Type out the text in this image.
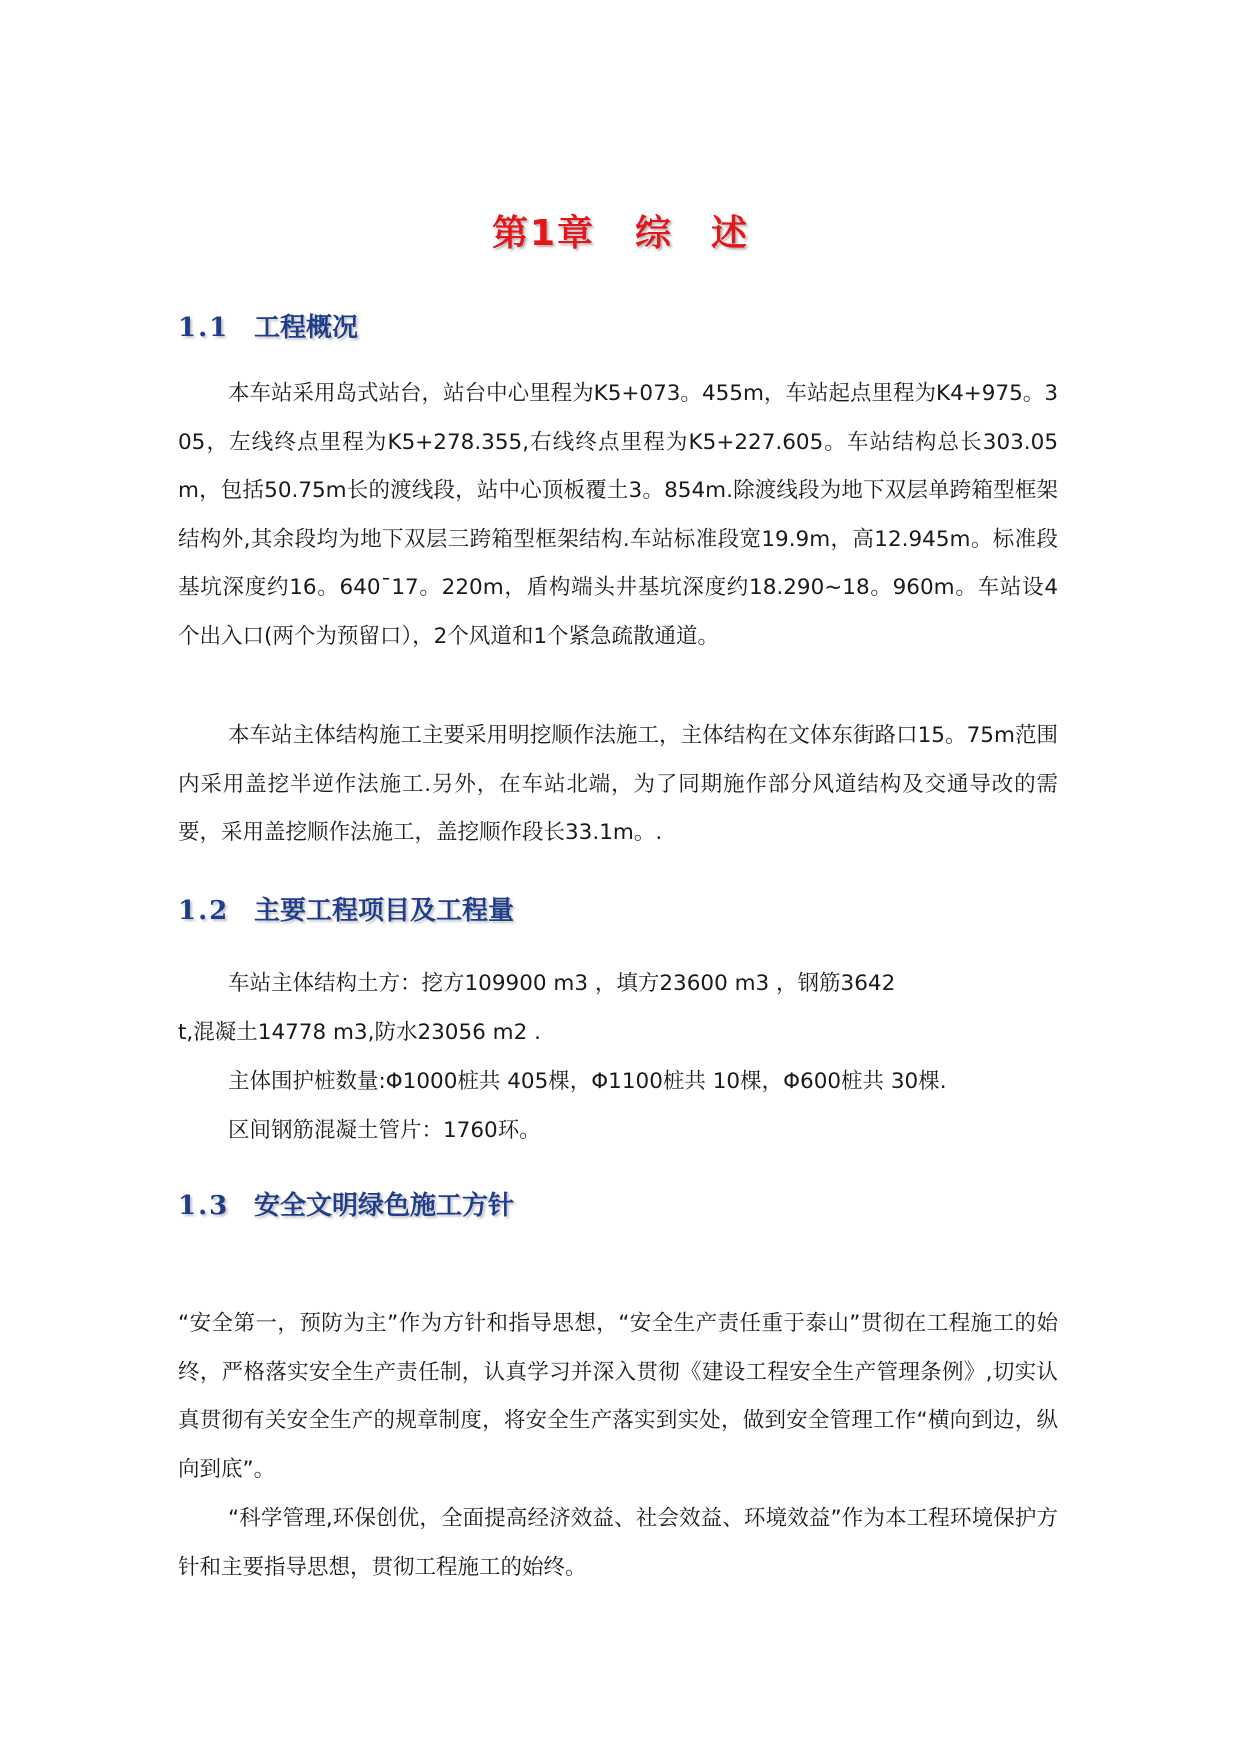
第1章 综　述
1.1 工程概况

本车站采用岛式站台，站台中心里程为K5+073。455m，车站起点里程为K4+975。305，左线终点里程为K5+278.355,右线终点里程为K5+227.605。车站结构总长303.05m，包括50.75m长的渡线段，站中心顶板覆土3。854m.除渡线段为地下双层单跨箱型框架结构外,其余段均为地下双层三跨箱型框架结构.车站标准段宽19.9m，高12.945m。标准段基坑深度约16。640¯17。220m，盾构端头井基坑深度约18.290~18。960m。车站设4个出入口(两个为预留口），2个风道和1个紧急疏散通道。

本车站主体结构施工主要采用明挖顺作法施工，主体结构在文体东街路口15。75m范围内采用盖挖半逆作法施工.另外，在车站北端，为了同期施作部分风道结构及交通导改的需要，采用盖挖顺作法施工，盖挖顺作段长33.1m。.

1.2 主要工程项目及工程量
车站主体结构土方：挖方109900 m3 ，填方23600 m3 ，钢筋3642
t,混凝土14778 m3,防水23056 m2 .
主体围护桩数量:Φ1000桩共 405棵，Φ1100桩共 10棵，Φ600桩共 30棵.
区间钢筋混凝土管片：1760环。
1.3 安全文明绿色施工方针

“安全第一，预防为主”作为方针和指导思想，“安全生产责任重于泰山”贯彻在工程施工的始终，严格落实安全生产责任制，认真学习并深入贯彻《建设工程安全生产管理条例》,切实认真贯彻有关安全生产的规章制度，将安全生产落实到实处，做到安全管理工作“横向到边，纵向到底”。

“科学管理,环保创优，全面提高经济效益、社会效益、环境效益”作为本工程环境保护方针和主要指导思想，贯彻工程施工的始终。
